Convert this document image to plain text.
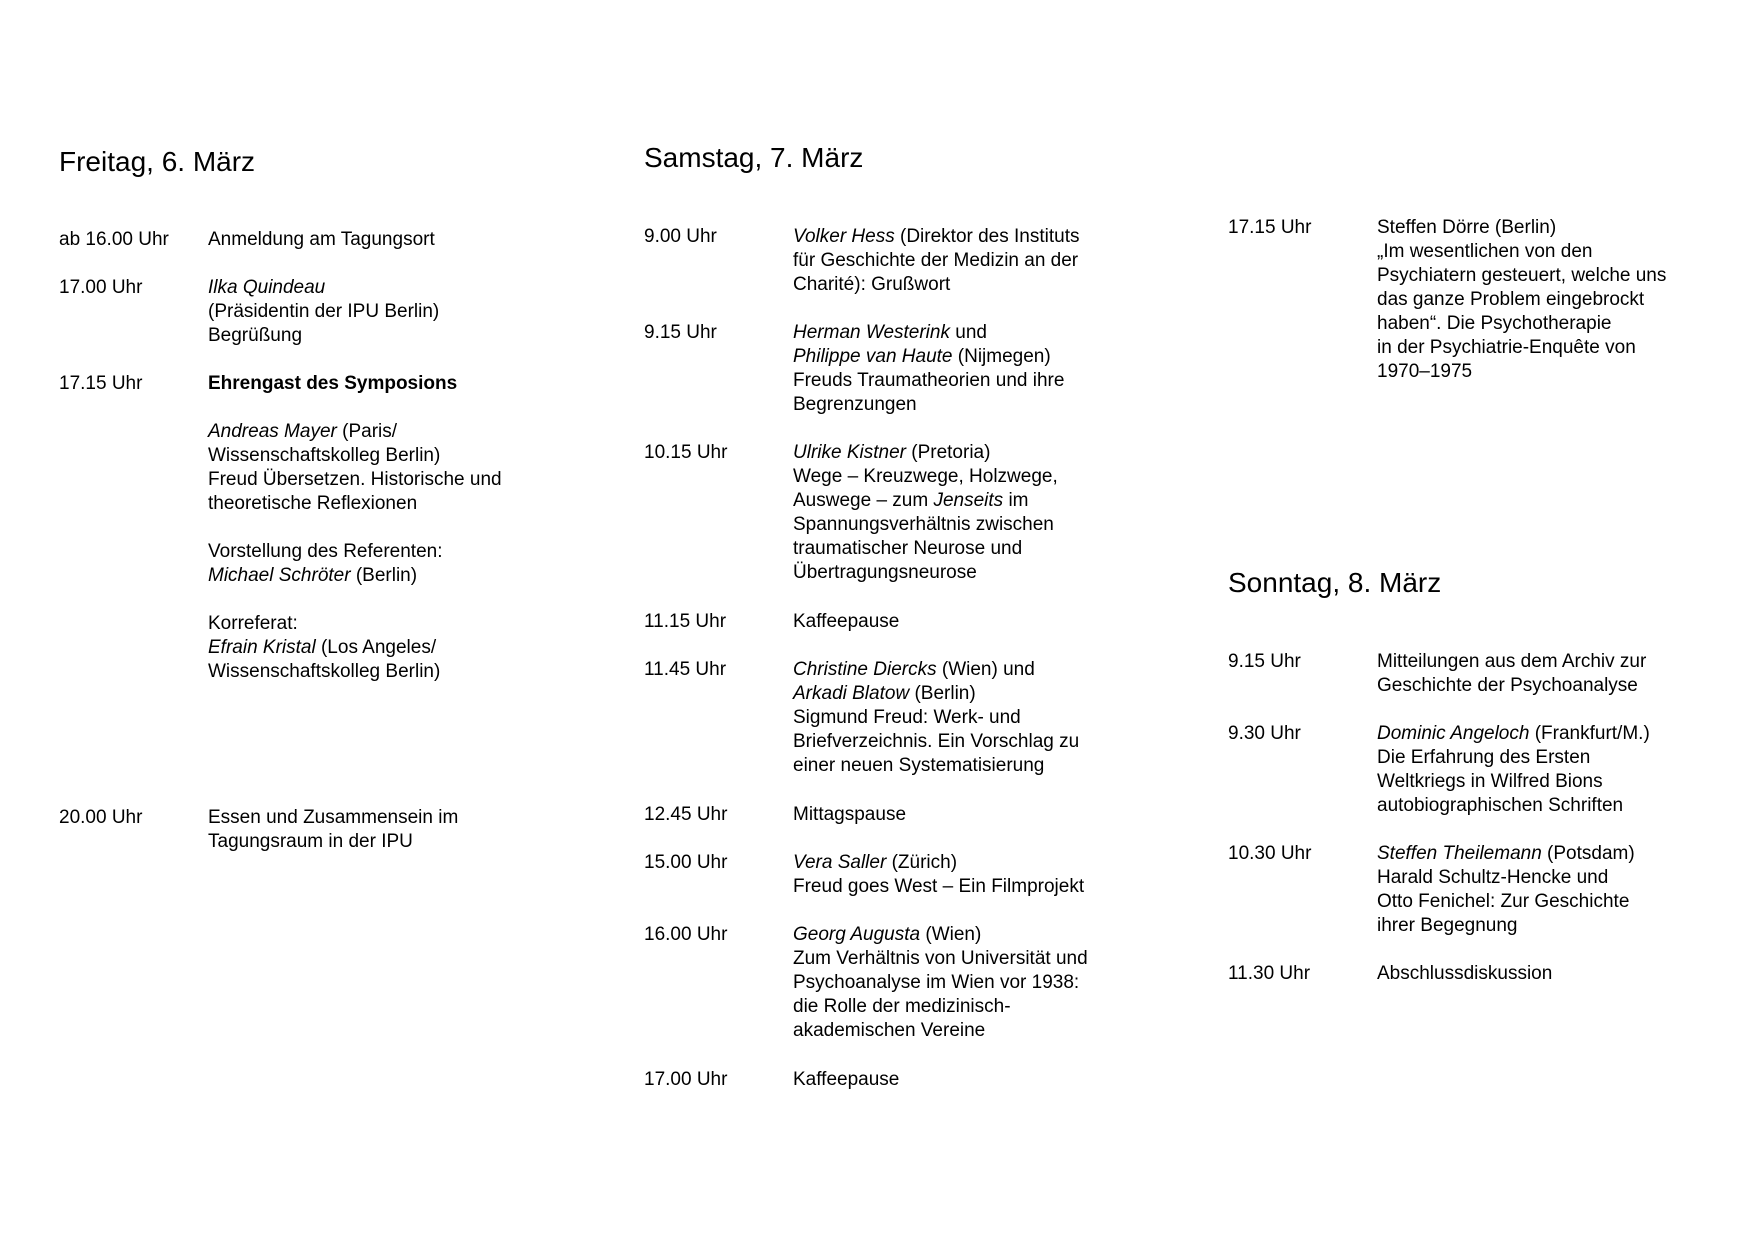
Freitag, 6. März
ab 16.00 Uhr Anmeldung am Tagungsort
17.00 Uhr	Ilka Quindeau
(Präsidentin der IPU Berlin)
Begrüßung
17.15 Uhr	Ehrengast des Symposions
Andreas Mayer (Paris/
Wissenschaftskolleg Berlin)
Freud Übersetzen. Historische und
theoretische Reflexionen
Vorstellung des Referenten:
Michael Schröter (Berlin)
Korreferat:
Efrain Kristal (Los Angeles/
Wissenschaftskolleg Berlin)
20.00 Uhr	Essen und Zusammensein im
Tagungsraum in der IPU
Samstag, 7. März
9.00 Uhr	Volker Hess (Direktor des Instituts
für Geschichte der Medizin an der
Charité): Grußwort
9.15 Uhr	Herman Westerink und
Philippe van Haute (Nijmegen)
Freuds Traumatheorien und ihre
Begrenzungen
10.15 Uhr	Ulrike Kistner (Pretoria)
Wege – Kreuzwege, Holzwege,
Auswege – zum Jenseits im
Spannungsverhältnis zwischen
traumatischer Neurose und
Übertragungsneurose
11.15 Uhr	Kaffeepause
11.45 Uhr	Christine Diercks (Wien) und
Arkadi Blatow (Berlin)
Sigmund Freud: Werk- und
Briefverzeichnis. Ein Vorschlag zu
einer neuen Systematisierung
12.45 Uhr	Mittagspause
15.00 Uhr	Vera Saller (Zürich)
Freud goes West – Ein Filmprojekt
16.00 Uhr	Georg Augusta (Wien)
Zum Verhältnis von Universität und
Psychoanalyse im Wien vor 1938:
die Rolle der medizinisch-
akademischen Vereine
17.00 Uhr	Kaffeepause
17.15 Uhr	Steffen Dörre (Berlin)
„Im wesentlichen von den
Psychiatern gesteuert, welche uns
das ganze Problem eingebrockt
haben“. Die Psychotherapie
in der Psychiatrie-Enquête von
1970–1975
Sonntag, 8. März
9.15 Uhr	Mitteilungen aus dem Archiv zur
Geschichte der Psychoanalyse
9.30 Uhr	Dominic Angeloch (Frankfurt/M.)
Die Erfahrung des Ersten
Weltkriegs in Wilfred Bions
autobiographischen Schriften
10.30 Uhr	Steffen Theilemann (Potsdam)
Harald Schultz-Hencke und
Otto Fenichel: Zur Geschichte
ihrer Begegnung
11.30 Uhr	Abschlussdiskussion
